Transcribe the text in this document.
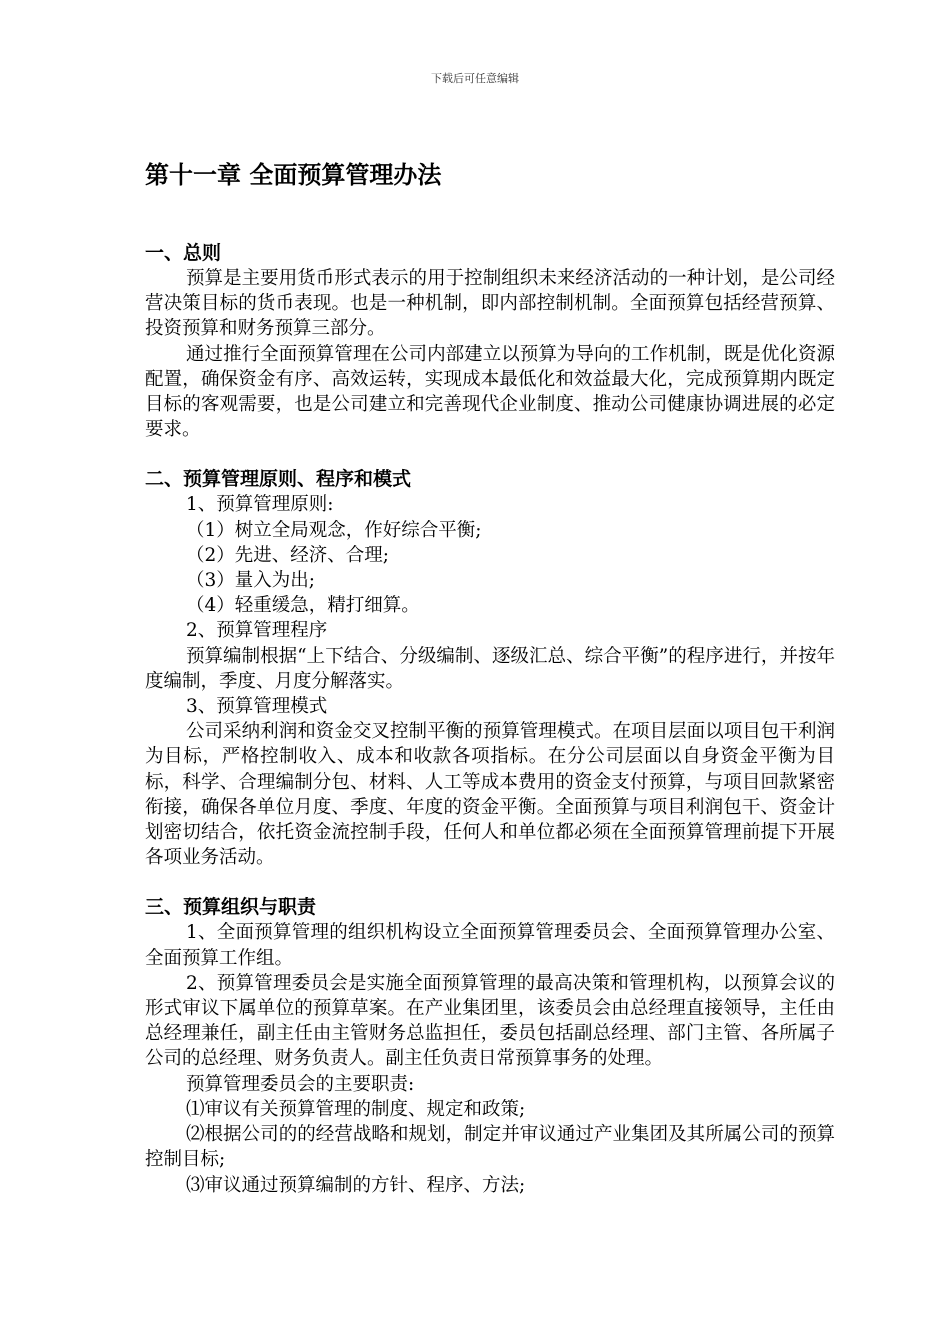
下载后可任意编辑
第十一章 全面预算管理办法
一、总则

预算是主要用货币形式表示的用于控制组织未来经济活动的一种计划，是公司经营决策目标的货币表现。也是一种机制，即内部控制机制。全面预算包括经营预算、投资预算和财务预算三部分。

通过推行全面预算管理在公司内部建立以预算为导向的工作机制，既是优化资源配置，确保资金有序、高效运转，实现成本最低化和效益最大化，完成预算期内既定目标的客观需要，也是公司建立和完善现代企业制度、推动公司健康协调进展的必定要求。

二、预算管理原则、程序和模式

1、预算管理原则:

（1）树立全局观念，作好综合平衡;

（2）先进、经济、合理;

（3）量入为出;

（4）轻重缓急，精打细算。

2、预算管理程序

预算编制根据“上下结合、分级编制、逐级汇总、综合平衡”的程序进行，并按年度编制，季度、月度分解落实。

3、预算管理模式

公司采纳利润和资金交叉控制平衡的预算管理模式。在项目层面以项目包干利润为目标，严格控制收入、成本和收款各项指标。在分公司层面以自身资金平衡为目标，科学、合理编制分包、材料、人工等成本费用的资金支付预算，与项目回款紧密衔接，确保各单位月度、季度、年度的资金平衡。全面预算与项目利润包干、资金计划密切结合，依托资金流控制手段，任何人和单位都必须在全面预算管理前提下开展各项业务活动。

三、预算组织与职责

1、全面预算管理的组织机构设立全面预算管理委员会、全面预算管理办公室、全面预算工作组。

2、预算管理委员会是实施全面预算管理的最高决策和管理机构，以预算会议的形式审议下属单位的预算草案。在产业集团里，该委员会由总经理直接领导，主任由总经理兼任，副主任由主管财务总监担任，委员包括副总经理、部门主管、各所属子公司的总经理、财务负责人。副主任负责日常预算事务的处理。

预算管理委员会的主要职责:

⑴审议有关预算管理的制度、规定和政策;

⑵根据公司的的经营战略和规划，制定并审议通过产业集团及其所属公司的预算控制目标;

⑶审议通过预算编制的方针、程序、方法;
